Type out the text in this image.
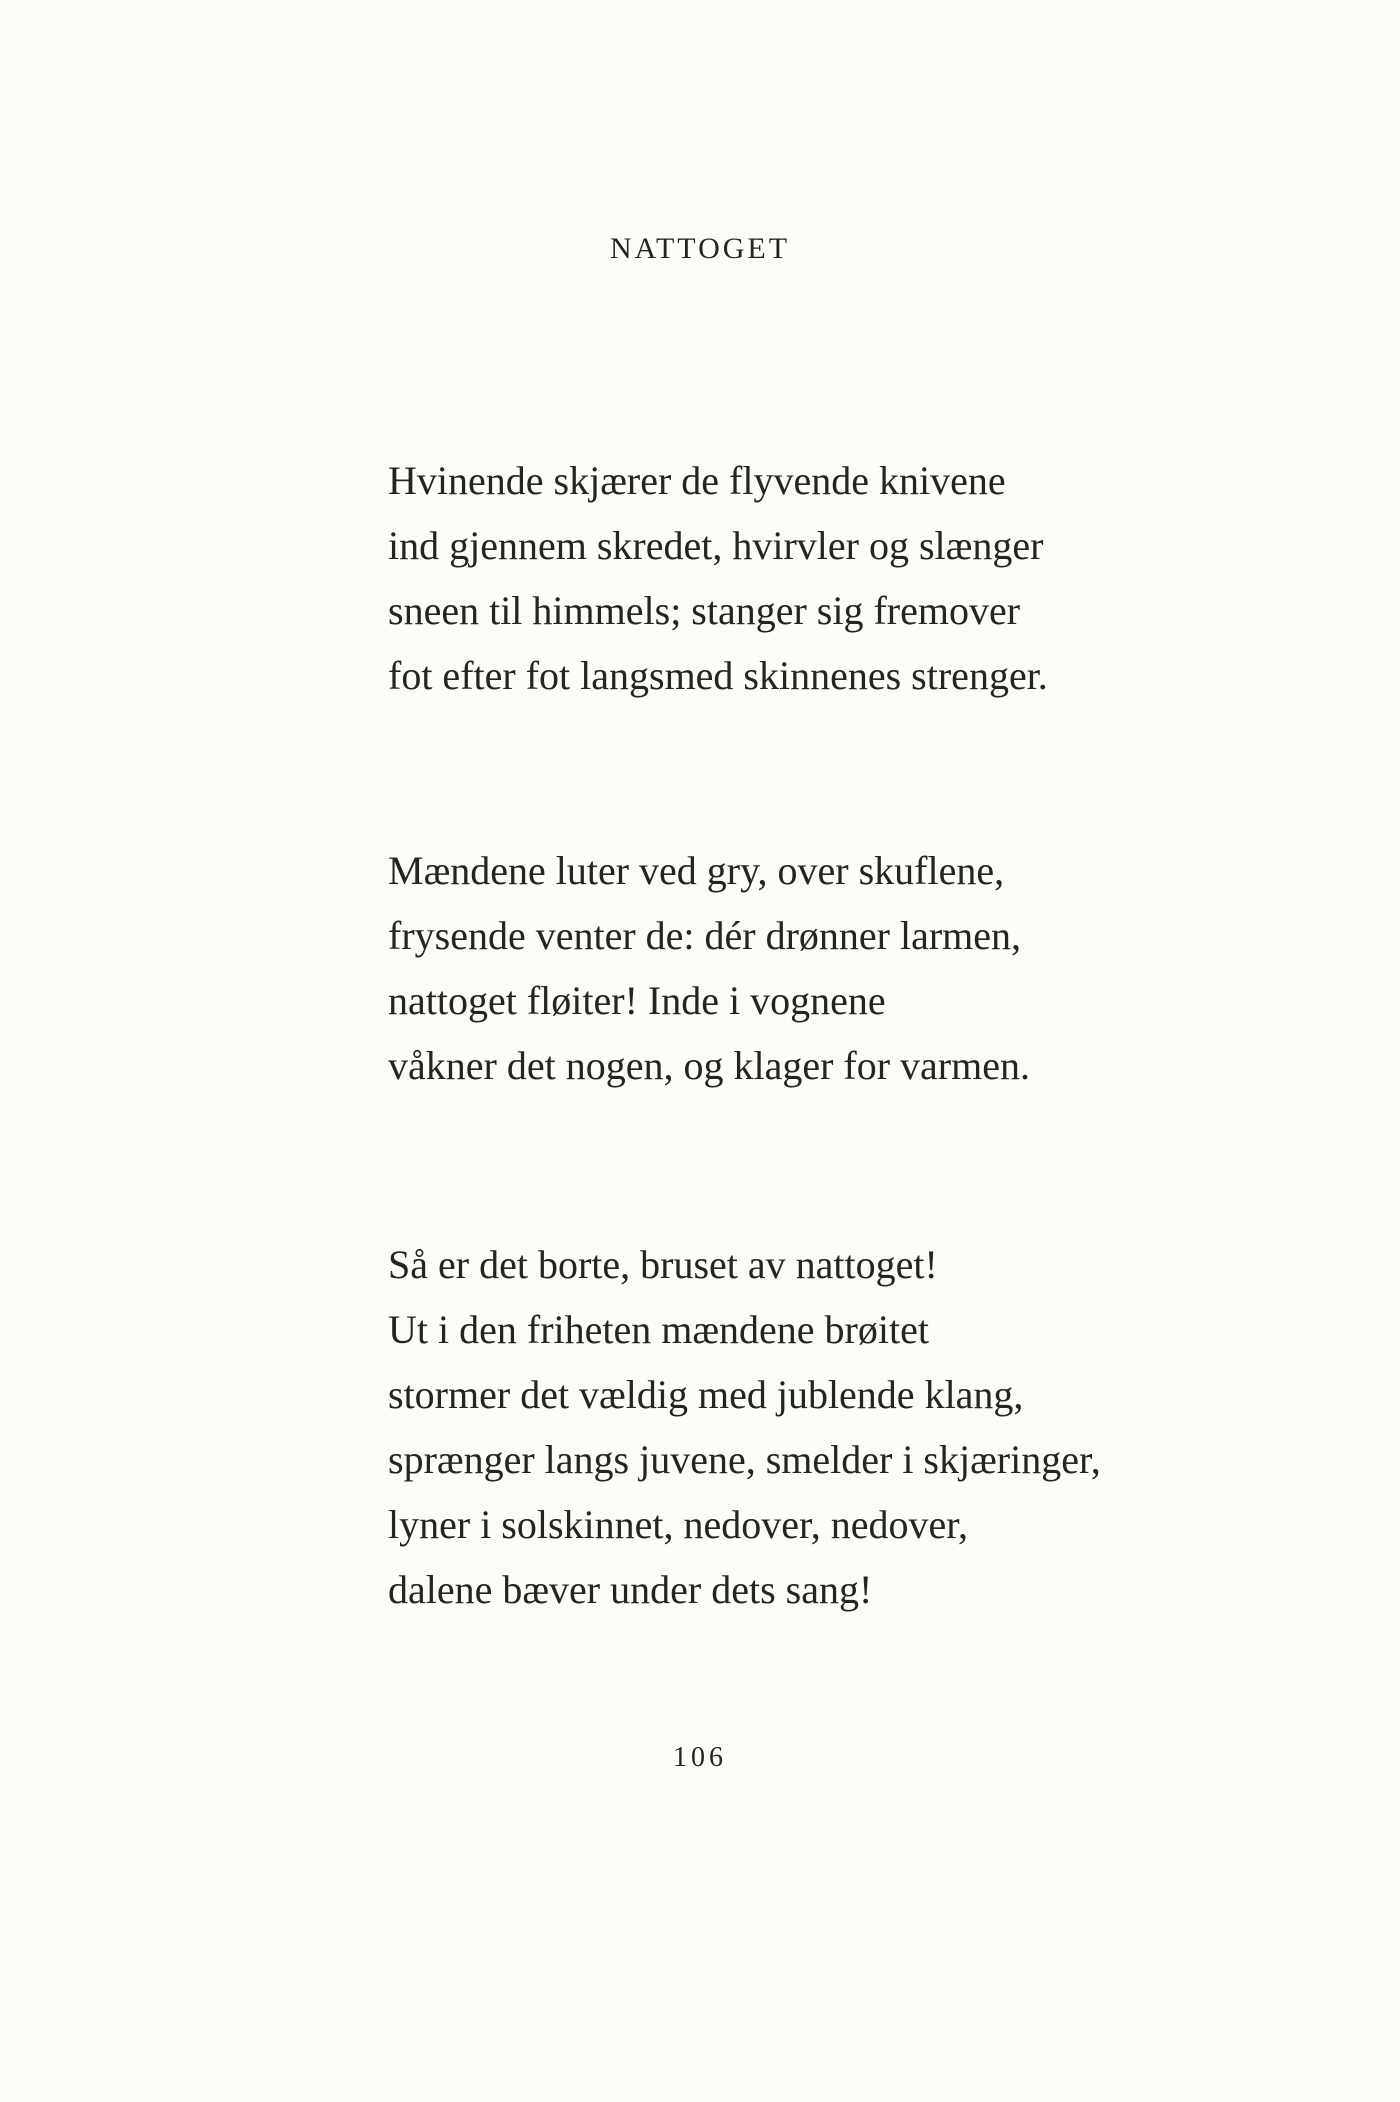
NATTOGET
Hvinende skjærer de flyvende knivene
ind gjennem skredet, hvirvler og slænger
sneen til himmels; stanger sig fremover
fot efter fot langsmed skinnenes strenger.
Mændene luter ved gry, over skuflene,
frysende venter de: dér drønner larmen,
nattoget fløiter! Inde i vognene
våkner det nogen, og klager for varmen.
Så er det borte, bruset av nattoget!
Ut i den friheten mændene brøitet
stormer det vældig med jublende klang,
sprænger langs juvene, smelder i skjæringer,
lyner i solskinnet, nedover, nedover,
dalene bæver under dets sang!
106
